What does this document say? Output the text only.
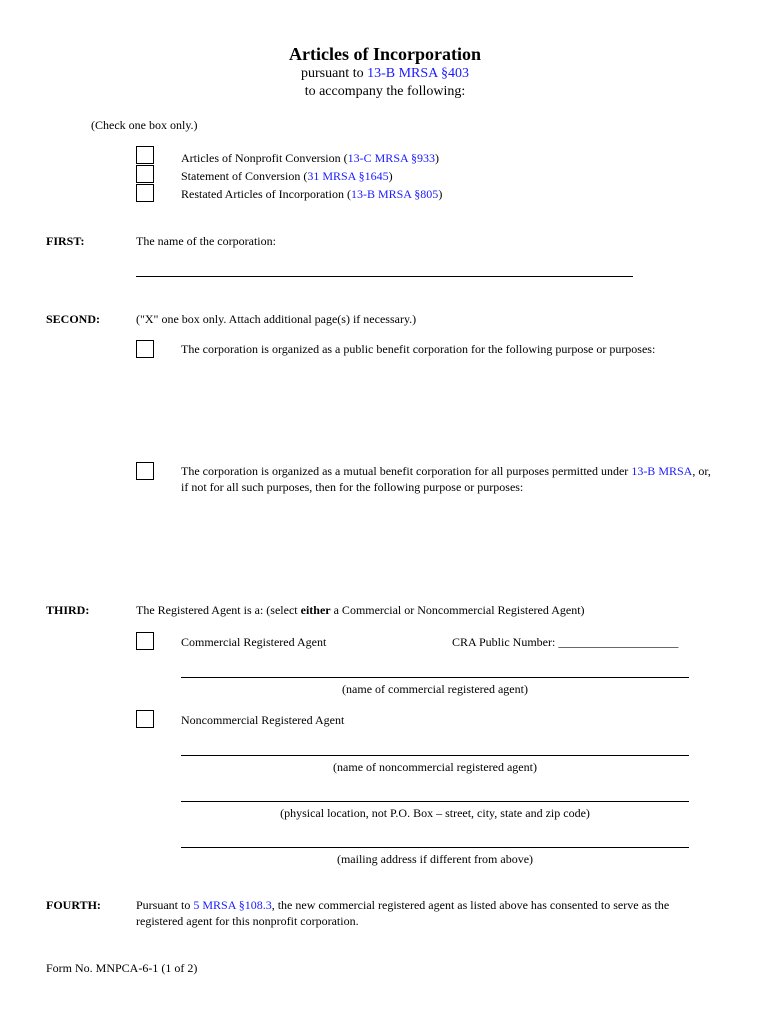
Articles of Incorporation
pursuant to 13-B MRSA §403
to accompany the following:
(Check one box only.)
Articles of Nonprofit Conversion (13-C MRSA §933)
Statement of Conversion (31 MRSA §1645)
Restated Articles of Incorporation (13-B MRSA §805)
FIRST:	The name of the corporation:
SECOND:	("X" one box only. Attach additional page(s) if necessary.)
The corporation is organized as a public benefit corporation for the following purpose or purposes:
The corporation is organized as a mutual benefit corporation for all purposes permitted under 13-B MRSA, or,
if not for all such purposes, then for the following purpose or purposes:
THIRD:	The Registered Agent is a: (select either a Commercial or Noncommercial Registered Agent)
Commercial Registered Agent	CRA Public Number: ____________________
(name of commercial registered agent)
Noncommercial Registered Agent
(name of noncommercial registered agent)
(physical location, not P.O. Box – street, city, state and zip code)
(mailing address if different from above)
FOURTH:	Pursuant to 5 MRSA §108.3, the new commercial registered agent as listed above has consented to serve as the
registered agent for this nonprofit corporation.
Form No. MNPCA-6-1 (1 of 2)
